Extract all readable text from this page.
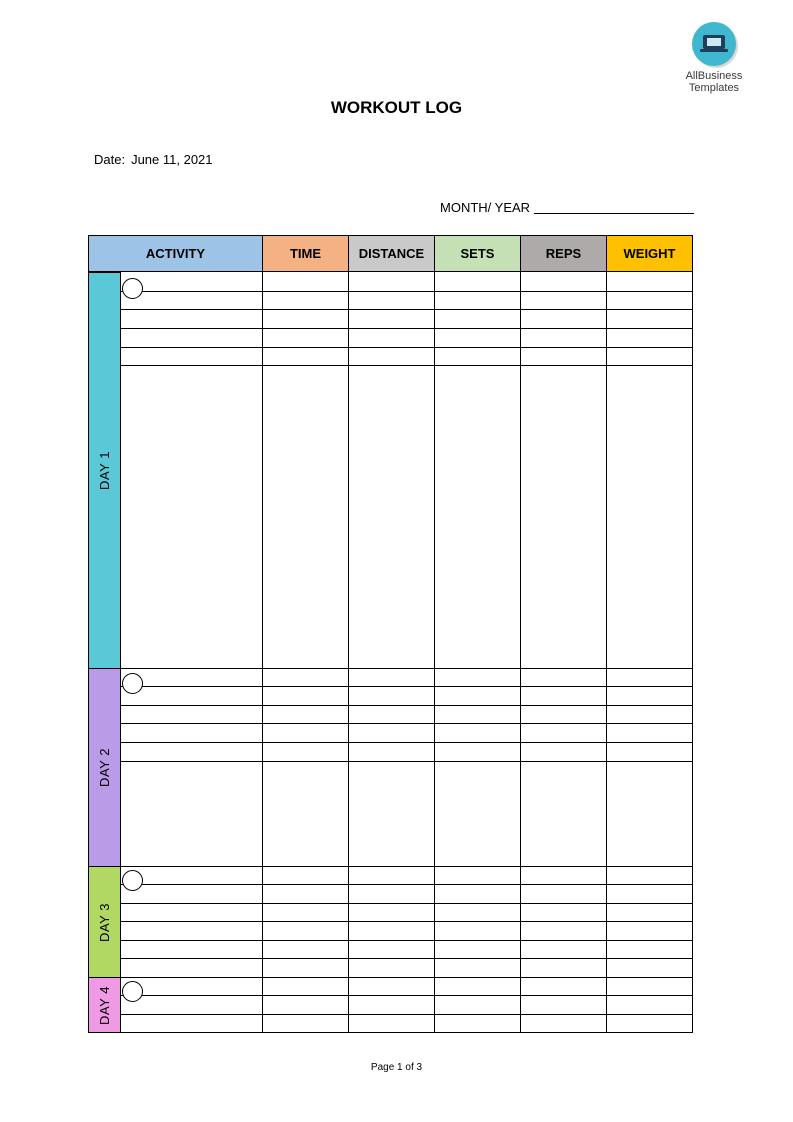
AllBusiness
Templates
WORKOUT LOG
Date: June 11, 2021
MONTH/ YEAR
ACTIVITY	TIME	DISTANCE	SETS	REPS	WEIGHT
DAY 1
DAY 2
DAY 3
DAY 4
Page 1 of 3
